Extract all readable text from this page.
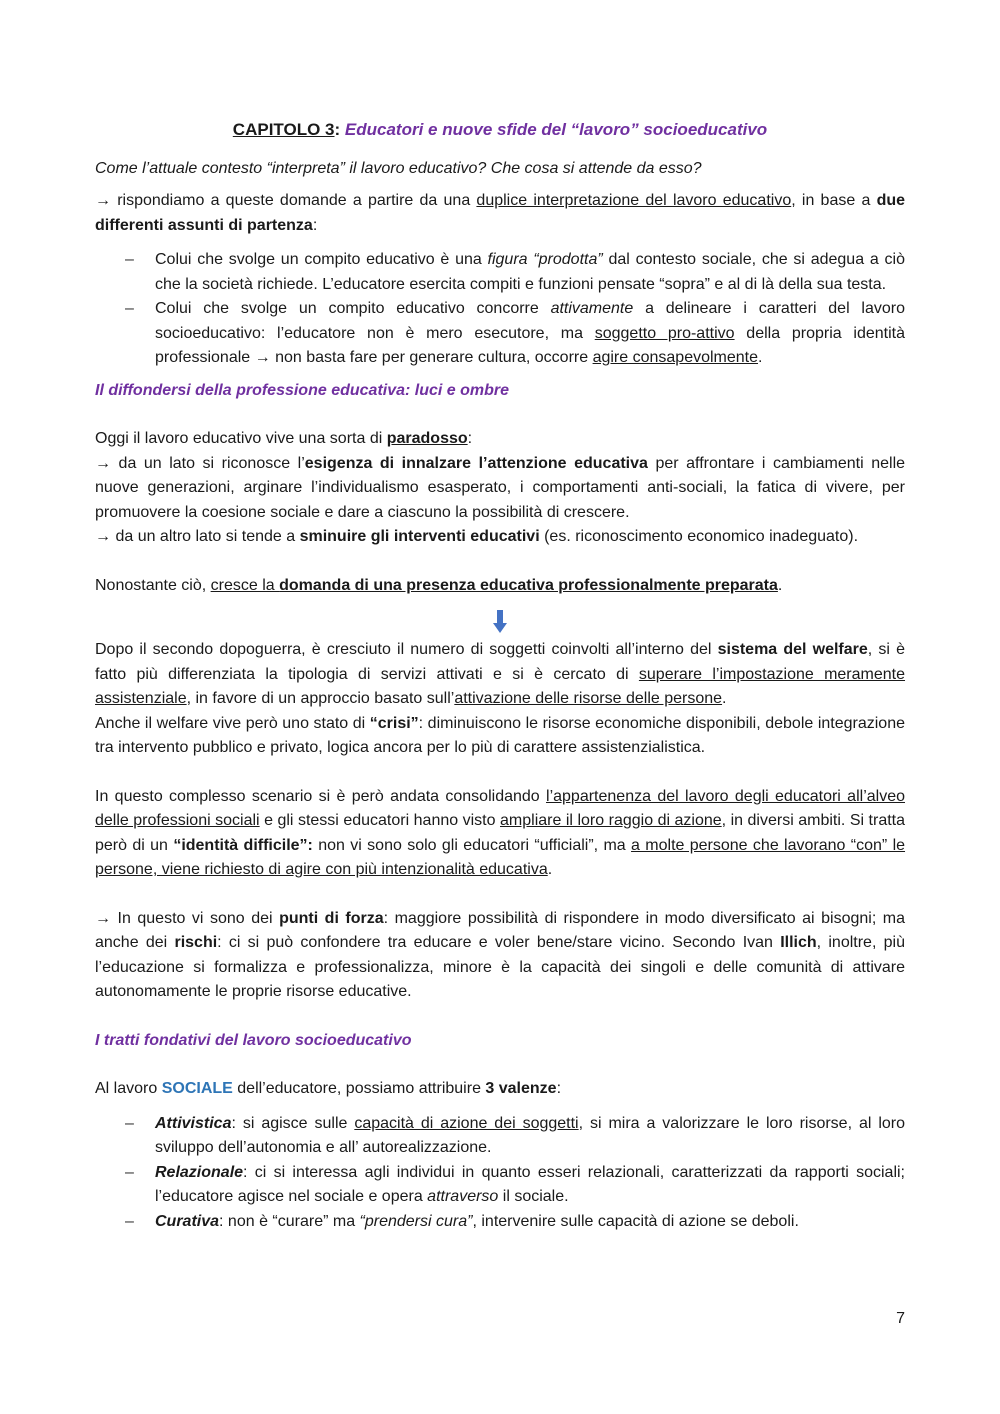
CAPITOLO 3: Educatori e nuove sfide del “lavoro” socioeducativo

Come l’attuale contesto “interpreta” il lavoro educativo? Che cosa si attende da esso?

→ rispondiamo a queste domande a partire da una duplice interpretazione del lavoro educativo, in base a due differenti assunti di partenza:

– Colui che svolge un compito educativo è una figura “prodotta” dal contesto sociale, che si adegua a ciò che la società richiede. L’educatore esercita compiti e funzioni pensate “sopra” e al di là della sua testa.
– Colui che svolge un compito educativo concorre attivamente a delineare i caratteri del lavoro socioeducativo: l’educatore non è mero esecutore, ma soggetto pro-attivo della propria identità professionale → non basta fare per generare cultura, occorre agire consapevolmente.

Il diffondersi della professione educativa: luci e ombre

Oggi il lavoro educativo vive una sorta di paradosso:
→ da un lato si riconosce l’esigenza di innalzare l’attenzione educativa per affrontare i cambiamenti nelle nuove generazioni, arginare l’individualismo esasperato, i comportamenti anti-sociali, la fatica di vivere, per promuovere la coesione sociale e dare a ciascuno la possibilità di crescere.
→ da un altro lato si tende a sminuire gli interventi educativi (es. riconoscimento economico inadeguato).

Nonostante ciò, cresce la domanda di una presenza educativa professionalmente preparata.

Dopo il secondo dopoguerra, è cresciuto il numero di soggetti coinvolti all’interno del sistema del welfare, si è fatto più differenziata la tipologia di servizi attivati e si è cercato di superare l’impostazione meramente assistenziale, in favore di un approccio basato sull’attivazione delle risorse delle persone.
Anche il welfare vive però uno stato di “crisi”: diminuiscono le risorse economiche disponibili, debole integrazione tra intervento pubblico e privato, logica ancora per lo più di carattere assistenzialistica.

In questo complesso scenario si è però andata consolidando l’appartenenza del lavoro degli educatori all’alveo delle professioni sociali e gli stessi educatori hanno visto ampliare il loro raggio di azione, in diversi ambiti. Si tratta però di un “identità difficile”: non vi sono solo gli educatori “ufficiali”, ma a molte persone che lavorano “con” le persone, viene richiesto di agire con più intenzionalità educativa.

→ In questo vi sono dei punti di forza: maggiore possibilità di rispondere in modo diversificato ai bisogni; ma anche dei rischi: ci si può confondere tra educare e voler bene/stare vicino. Secondo Ivan Illich, inoltre, più l’educazione si formalizza e professionalizza, minore è la capacità dei singoli e delle comunità di attivare autonomamente le proprie risorse educative.

I tratti fondativi del lavoro socioeducativo

Al lavoro SOCIALE dell’educatore, possiamo attribuire 3 valenze:

– Attivistica: si agisce sulle capacità di azione dei soggetti, si mira a valorizzare le loro risorse, al loro sviluppo dell’autonomia e all’ autorealizzazione.
– Relazionale: ci si interessa agli individui in quanto esseri relazionali, caratterizzati da rapporti sociali; l’educatore agisce nel sociale e opera attraverso il sociale.
– Curativa: non è “curare” ma “prendersi cura”, intervenire sulle capacità di azione se deboli.
7
